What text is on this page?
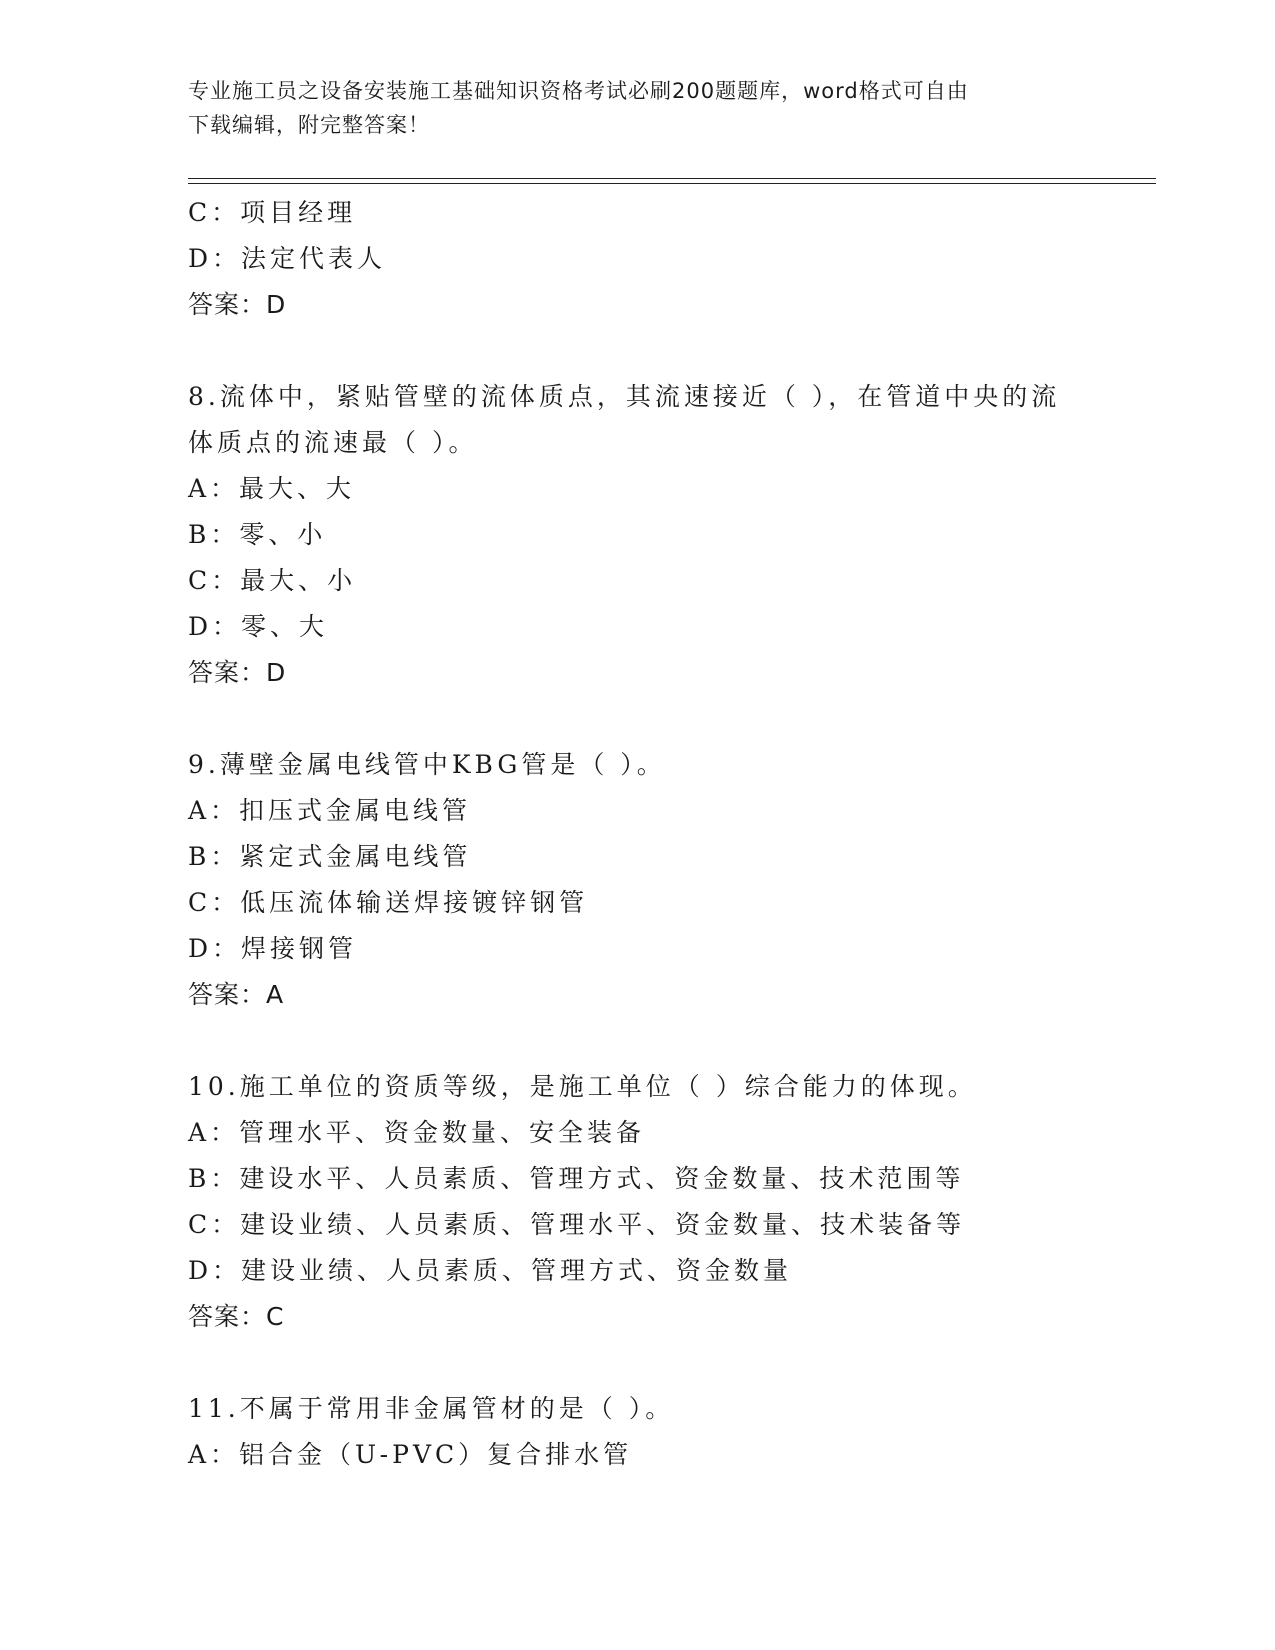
专业施工员之设备安装施工基础知识资格考试必刷200题题库，word格式可自由
下载编辑，附完整答案！
C：项目经理
D：法定代表人
答案：D
8.流体中，紧贴管壁的流体质点，其流速接近（ ），在管道中央的流
体质点的流速最（ ）。
A：最大、大
B：零、小
C：最大、小
D：零、大
答案：D
9.薄壁金属电线管中KBG管是（ ）。
A：扣压式金属电线管
B：紧定式金属电线管
C：低压流体输送焊接镀锌钢管
D：焊接钢管
答案：A
10.施工单位的资质等级，是施工单位（ ）综合能力的体现。
A：管理水平、资金数量、安全装备
B：建设水平、人员素质、管理方式、资金数量、技术范围等
C：建设业绩、人员素质、管理水平、资金数量、技术装备等
D：建设业绩、人员素质、管理方式、资金数量
答案：C
11.不属于常用非金属管材的是（ ）。
A：铝合金（U-PVC）复合排水管
